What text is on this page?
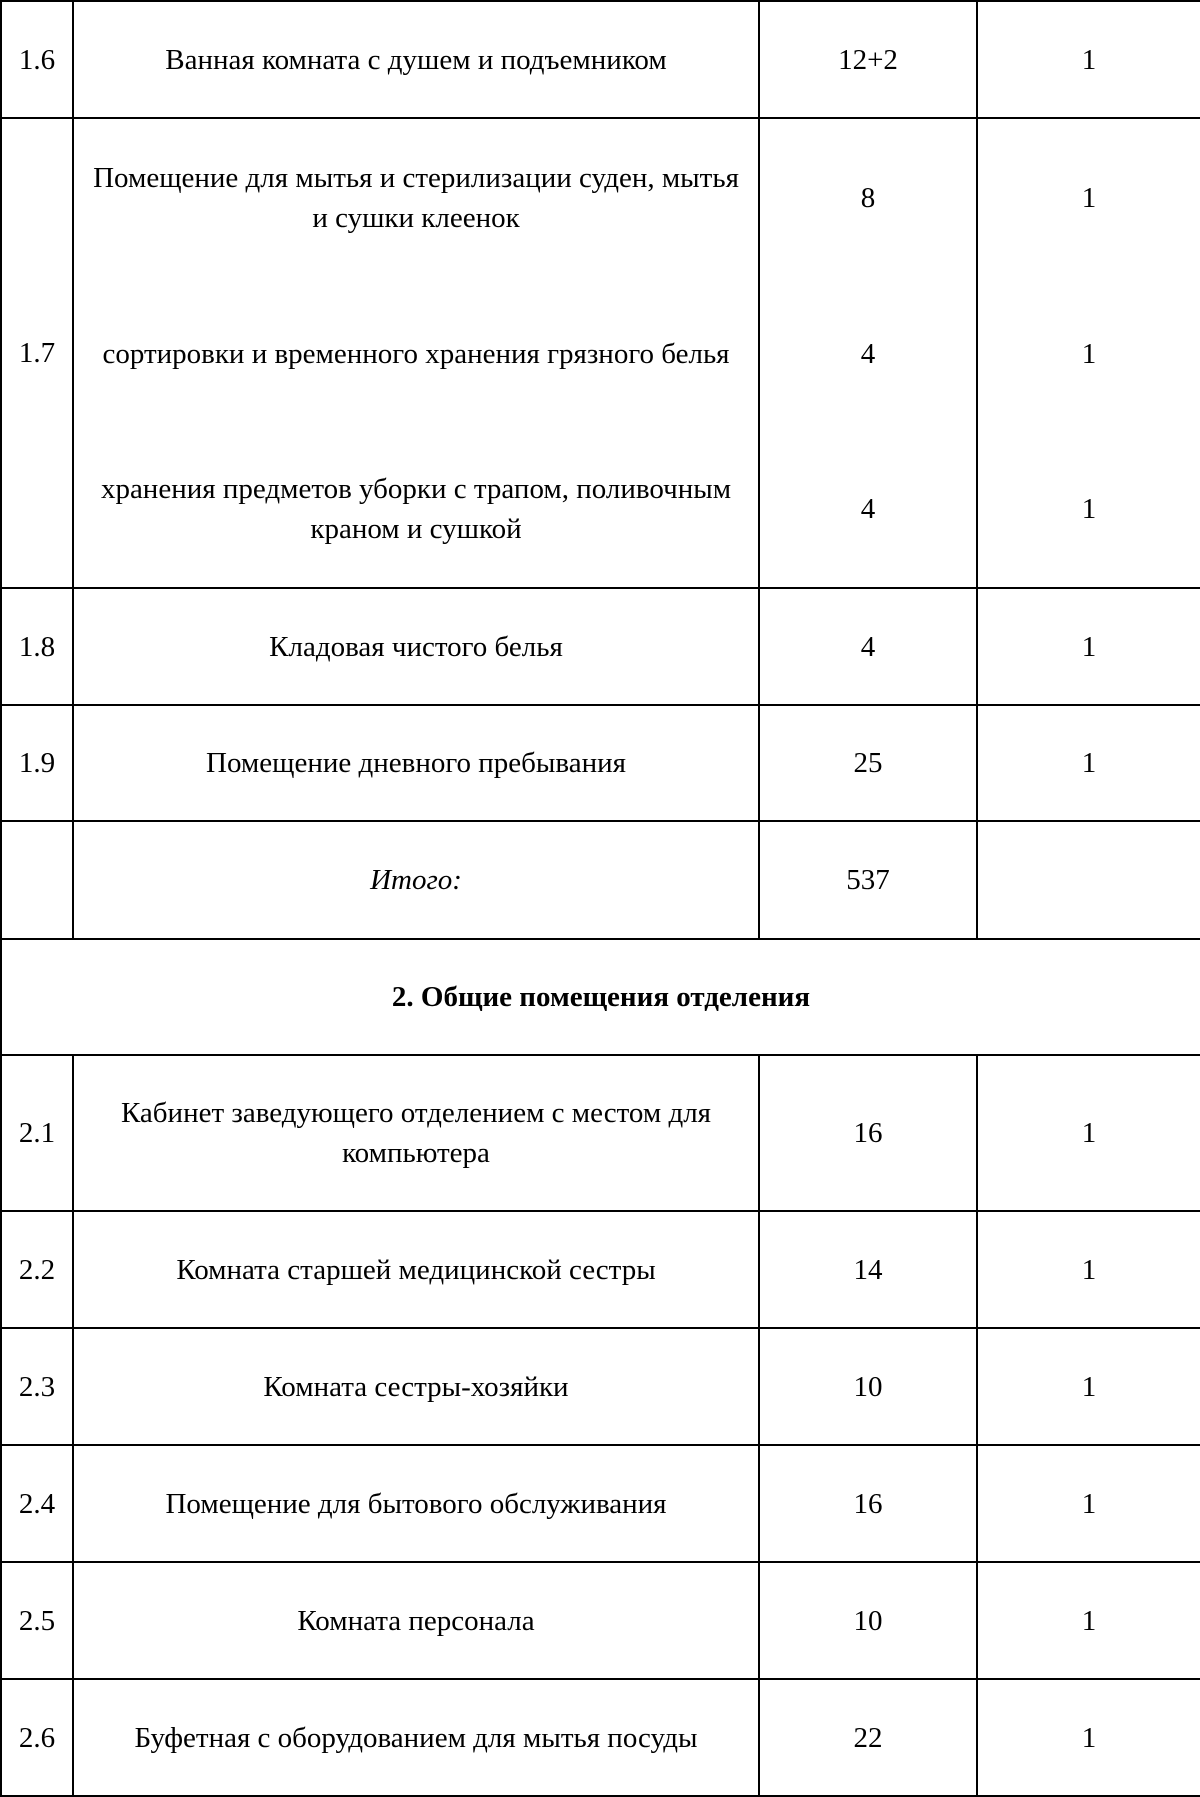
1.6	Ванная комната с душем и подъемником	12+2	1
1.7	Помещение для мытья и стерилизации суден, мытья и сушки клеенок	8	1
	сортировки и временного хранения грязного белья	4	1
	хранения предметов уборки с трапом, поливочным краном и сушкой	4	1
1.8	Кладовая чистого белья	4	1
1.9	Помещение дневного пребывания	25	1
	Итого:	537	
2. Общие помещения отделения			
2.1	Кабинет заведующего отделением с местом для компьютера	16	1
2.2	Комната старшей медицинской сестры	14	1
2.3	Комната сестры-хозяйки	10	1
2.4	Помещение для бытового обслуживания	16	1
2.5	Комната персонала	10	1
2.6	Буфетная с оборудованием для мытья посуды	22	1
